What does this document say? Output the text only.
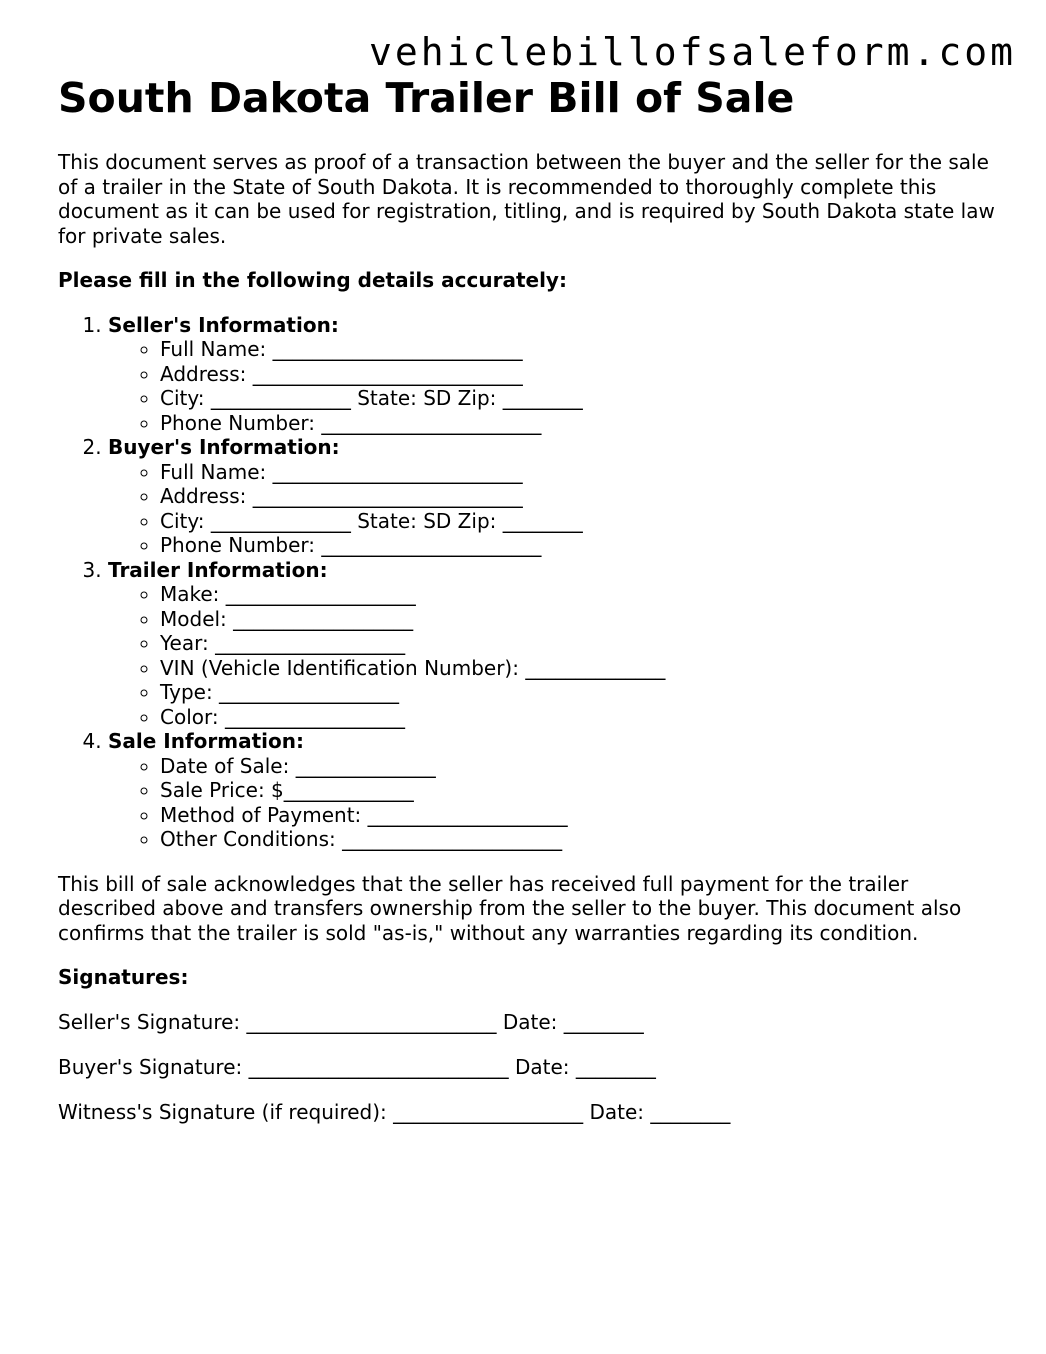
vehiclebillofsaleform.com
South Dakota Trailer Bill of Sale

This document serves as proof of a transaction between the buyer and the seller for the sale of a trailer in the State of South Dakota. It is recommended to thoroughly complete this document as it can be used for registration, titling, and is required by South Dakota state law for private sales.

Please fill in the following details accurately:

1. Seller's Information:
◦ Full Name: _________________________
◦ Address: ___________________________
◦ City: ______________ State: SD Zip: ________
◦ Phone Number: ______________________
2. Buyer's Information:
◦ Full Name: _________________________
◦ Address: ___________________________
◦ City: ______________ State: SD Zip: ________
◦ Phone Number: ______________________
3. Trailer Information:
◦ Make: ___________________
◦ Model: __________________
◦ Year: ___________________
◦ VIN (Vehicle Identification Number): ______________
◦ Type: __________________
◦ Color: __________________
4. Sale Information:
◦ Date of Sale: ______________
◦ Sale Price: $_____________
◦ Method of Payment: ____________________
◦ Other Conditions: ______________________

This bill of sale acknowledges that the seller has received full payment for the trailer described above and transfers ownership from the seller to the buyer. This document also confirms that the trailer is sold "as-is," without any warranties regarding its condition.

Signatures:

Seller's Signature: _________________________ Date: ________

Buyer's Signature: __________________________ Date: ________

Witness's Signature (if required): ___________________ Date: ________
